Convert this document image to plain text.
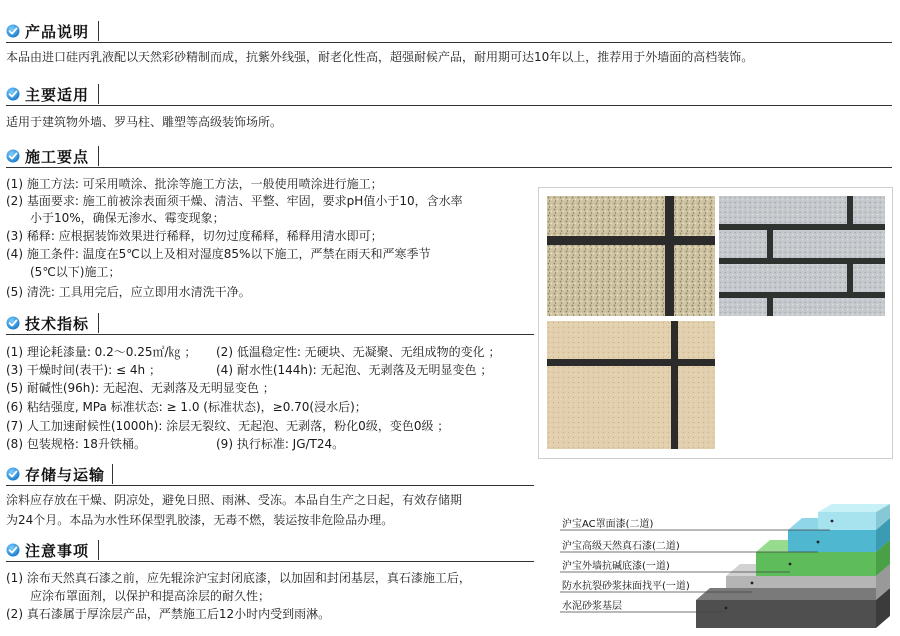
产品说明
本品由进口硅丙乳液配以天然彩砂精制而成，抗紫外线强，耐老化性高，超强耐候产品，耐用期可达10年以上，推荐用于外墙面的高档装饰。
主要适用
适用于建筑物外墙、罗马柱、雕塑等高级装饰场所。
施工要点
(1) 施工方法: 可采用喷涂、批涂等施工方法，一般使用喷涂进行施工；
(2) 基面要求: 施工前被涂表面须干燥、清洁、平整、牢固，要求pH值小于10，含水率
小于10%，确保无渗水、霉变现象；
(3) 稀释: 应根据装饰效果进行稀释，切勿过度稀释，稀释用清水即可；
(4) 施工条件: 温度在5℃以上及相对湿度85%以下施工，严禁在雨天和严寒季节
(5℃以下)施工；
(5) 清洗: 工具用完后，应立即用水清洗干净。
技术指标
(1) 理论耗漆量: 0.2～0.25㎡/㎏ ； (2) 低温稳定性: 无硬块、无凝聚、无组成物的变化 ；
(3) 干燥时间(表干): ≤ 4h ；	(4) 耐水性(144h): 无起泡、无剥落及无明显变色 ；
(5) 耐碱性(96h): 无起泡、无剥落及无明显变色 ；
(6) 粘结强度, MPa 标准状态: ≥ 1.0 (标准状态)，≥0.70(浸水后)；
(7) 人工加速耐候性(1000h): 涂层无裂纹、无起泡、无剥落，粉化0级，变色0级 ；
(8) 包装规格: 18升铁桶。	(9) 执行标准: JG/T24。
存储与运输
涂料应存放在干燥、阴凉处，避免日照、雨淋、受冻。本品自生产之日起，有效存储期
为24个月。本品为水性环保型乳胶漆，无毒不燃，装运按非危险品办理。
注意事项
(1) 涂布天然真石漆之前，应先辊涂沪宝封闭底漆，以加固和封闭基层，真石漆施工后，
应涂布罩面剂，以保护和提高涂层的耐久性；
(2) 真石漆属于厚涂层产品，严禁施工后12小时内受到雨淋。
沪宝AC罩面漆(二道)
沪宝高级天然真石漆(二道)
沪宝外墙抗碱底漆(一道)
防水抗裂砂浆抹面找平(一道)
水泥砂浆基层
